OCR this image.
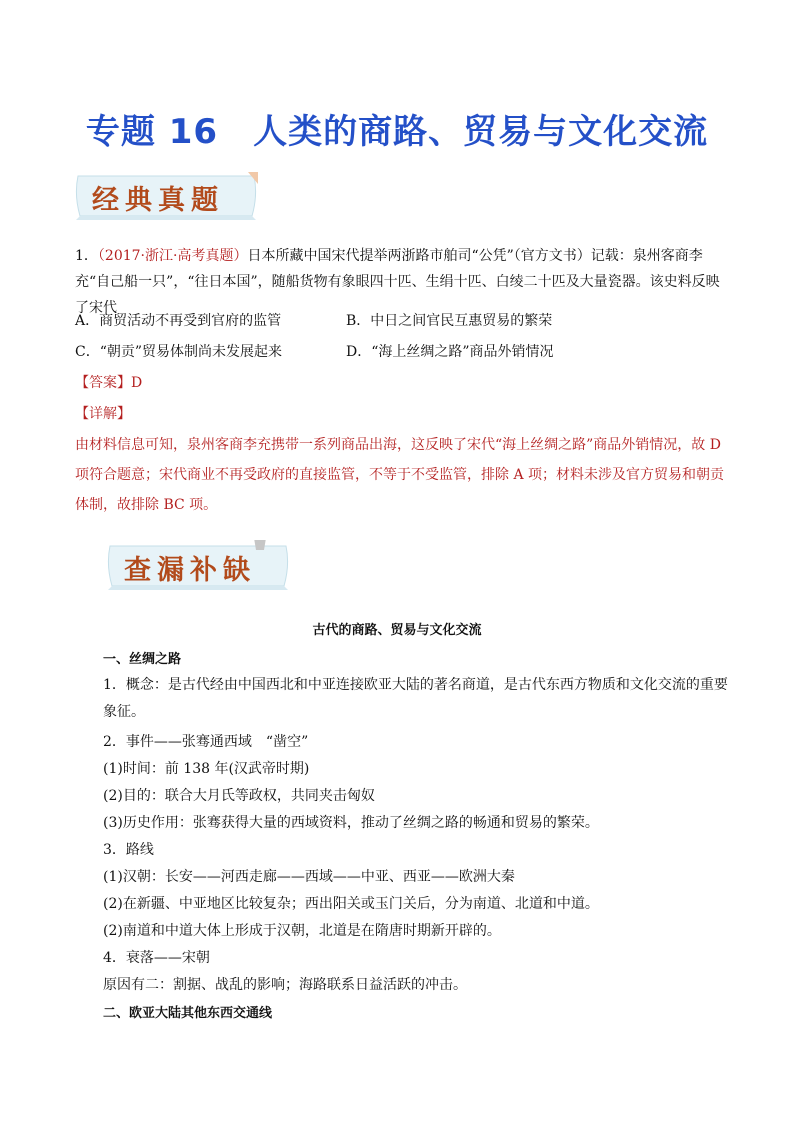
专题 16　人类的商路、贸易与文化交流
经典真题
1．（2017·浙江·高考真题）日本所藏中国宋代提举两浙路市舶司“公凭”（官方文书）记载：泉州客商李充“自己船一只”，“往日本国”，随船货物有象眼四十匹、生绢十匹、白绫二十匹及大量瓷器。该史料反映了宋代
A．商贸活动不再受到官府的监管	B．中日之间官民互惠贸易的繁荣
C．“朝贡”贸易体制尚未发展起来	D．“海上丝绸之路”商品外销情况
【答案】D
【详解】
由材料信息可知，泉州客商李充携带一系列商品出海，这反映了宋代“海上丝绸之路”商品外销情况，故 D 项符合题意；宋代商业不再受政府的直接监管，不等于不受监管，排除 A 项；材料未涉及官方贸易和朝贡体制，故排除 BC 项。
查漏补缺
古代的商路、贸易与文化交流
一、丝绸之路
1．概念：是古代经由中国西北和中亚连接欧亚大陆的著名商道，是古代东西方物质和文化交流的重要象征。
2．事件——张骞通西域　“凿空”
(1)时间：前 138 年(汉武帝时期)
(2)目的：联合大月氏等政权，共同夹击匈奴
(3)历史作用：张骞获得大量的西域资料，推动了丝绸之路的畅通和贸易的繁荣。
3．路线
(1)汉朝：长安——河西走廊——西域——中亚、西亚——欧洲大秦
(2)在新疆、中亚地区比较复杂；西出阳关或玉门关后，分为南道、北道和中道。
(2)南道和中道大体上形成于汉朝，北道是在隋唐时期新开辟的。
4．衰落——宋朝
原因有二：割据、战乱的影响；海路联系日益活跃的冲击。
二、欧亚大陆其他东西交通线
